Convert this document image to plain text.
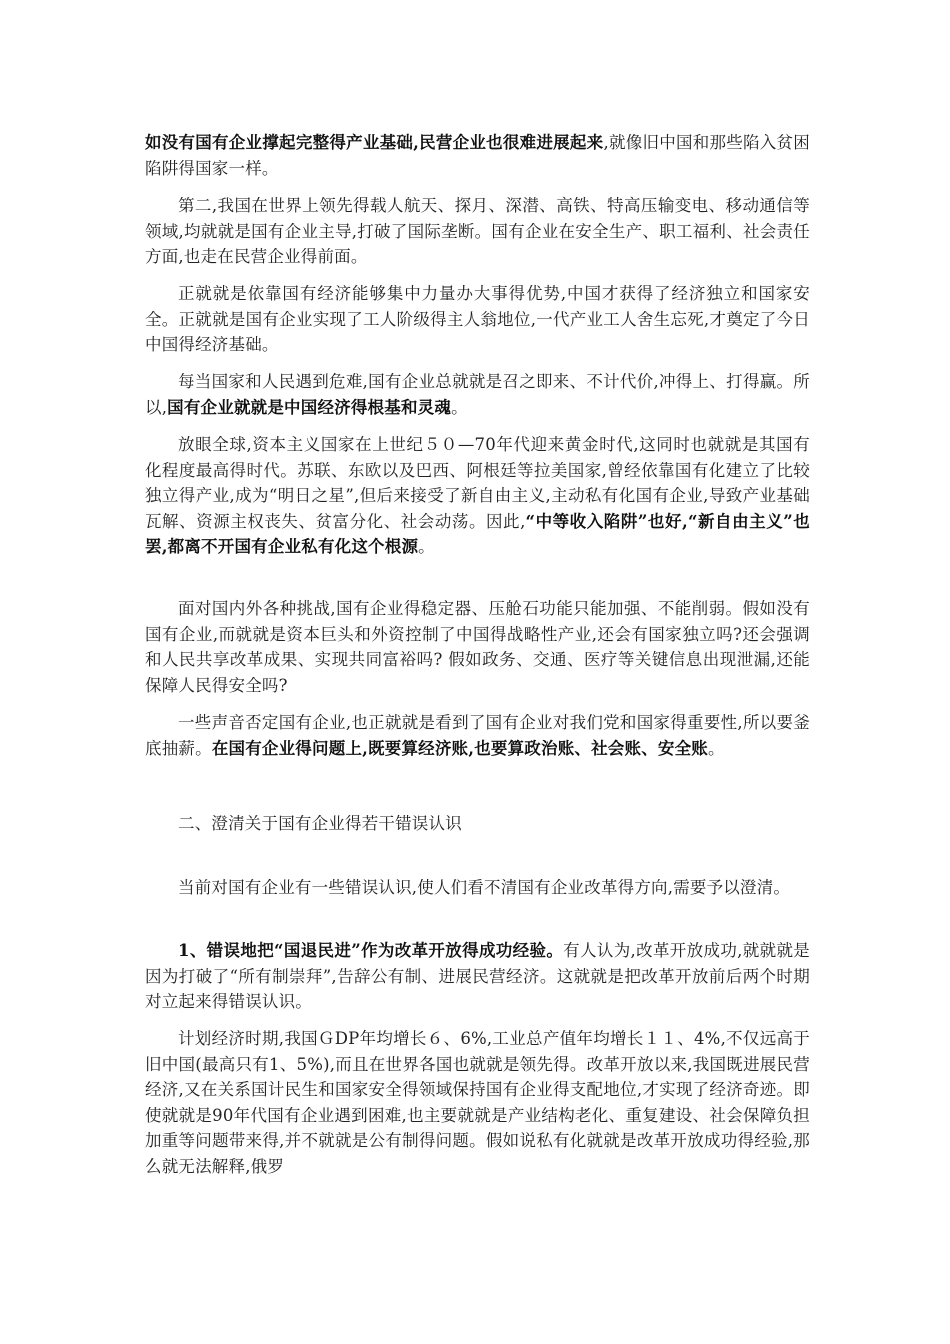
如没有国有企业撑起完整得产业基础,民营企业也很难进展起来,就像旧中国和那些陷入贫困陷阱得国家一样。

第二,我国在世界上领先得载人航天、探月、深潜、高铁、特高压输变电、移动通信等领域,均就就是国有企业主导,打破了国际垄断。国有企业在安全生产、职工福利、社会责任方面,也走在民营企业得前面。

正就就是依靠国有经济能够集中力量办大事得优势,中国才获得了经济独立和国家安全。正就就是国有企业实现了工人阶级得主人翁地位,一代产业工人舍生忘死,才奠定了今日中国得经济基础。

每当国家和人民遇到危难,国有企业总就就是召之即来、不计代价,冲得上、打得赢。所以,国有企业就就是中国经济得根基和灵魂。

放眼全球,资本主义国家在上世纪５０—70年代迎来黄金时代,这同时也就就是其国有化程度最高得时代。苏联、东欧以及巴西、阿根廷等拉美国家,曾经依靠国有化建立了比较独立得产业,成为“明日之星”,但后来接受了新自由主义,主动私有化国有企业,导致产业基础瓦解、资源主权丧失、贫富分化、社会动荡。因此,“中等收入陷阱”也好,“新自由主义”也罢,都离不开国有企业私有化这个根源。

面对国内外各种挑战,国有企业得稳定器、压舱石功能只能加强、不能削弱。假如没有国有企业,而就就是资本巨头和外资控制了中国得战略性产业,还会有国家独立吗?还会强调和人民共享改革成果、实现共同富裕吗? 假如政务、交通、医疗等关键信息出现泄漏,还能保障人民得安全吗?

一些声音否定国有企业,也正就就是看到了国有企业对我们党和国家得重要性,所以要釜底抽薪。在国有企业得问题上,既要算经济账,也要算政治账、社会账、安全账。

二、澄清关于国有企业得若干错误认识

当前对国有企业有一些错误认识,使人们看不清国有企业改革得方向,需要予以澄清。

1、错误地把“国退民进”作为改革开放得成功经验。有人认为,改革开放成功,就就就是因为打破了“所有制崇拜”,告辞公有制、进展民营经济。这就就是把改革开放前后两个时期对立起来得错误认识。

计划经济时期,我国ＧDP年均增长６、6%,工业总产值年均增长１１、4%,不仅远高于旧中国(最高只有1、5%),而且在世界各国也就就是领先得。改革开放以来,我国既进展民营经济,又在关系国计民生和国家安全得领域保持国有企业得支配地位,才实现了经济奇迹。即使就就是90年代国有企业遇到困难,也主要就就是产业结构老化、重复建设、社会保障负担加重等问题带来得,并不就就是公有制得问题。假如说私有化就就是改革开放成功得经验,那么就无法解释,俄罗
